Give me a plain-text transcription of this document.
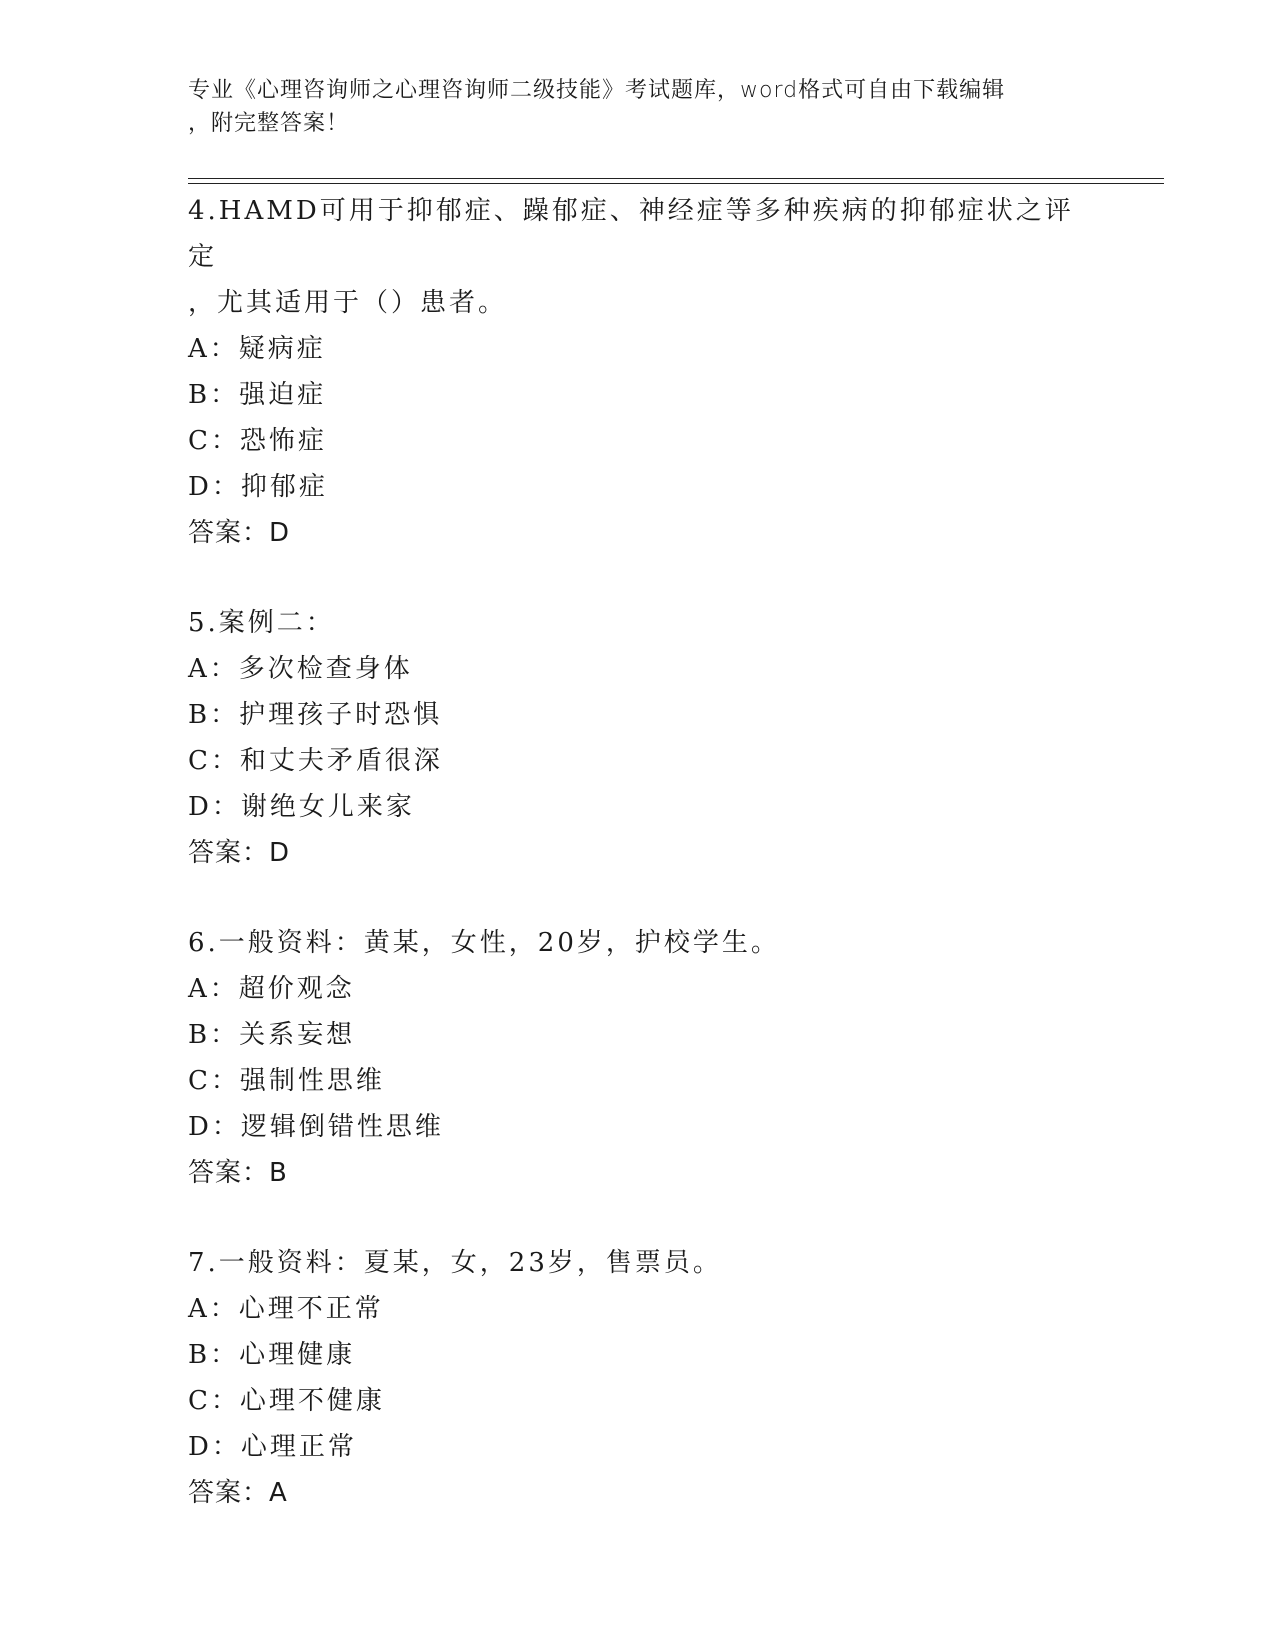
专业《心理咨询师之心理咨询师二级技能》考试题库，word格式可自由下载编辑
，附完整答案！
4.HAMD可用于抑郁症、躁郁症、神经症等多种疾病的抑郁症状之评定
，尤其适用于（）患者。
A：疑病症
B：强迫症
C：恐怖症
D：抑郁症
答案：D
5.案例二：
A：多次检查身体
B：护理孩子时恐惧
C：和丈夫矛盾很深
D：谢绝女儿来家
答案：D
6.一般资料：黄某，女性，20岁，护校学生。
A：超价观念
B：关系妄想
C：强制性思维
D：逻辑倒错性思维
答案：B
7.一般资料：夏某，女，23岁，售票员。
A：心理不正常
B：心理健康
C：心理不健康
D：心理正常
答案：A
